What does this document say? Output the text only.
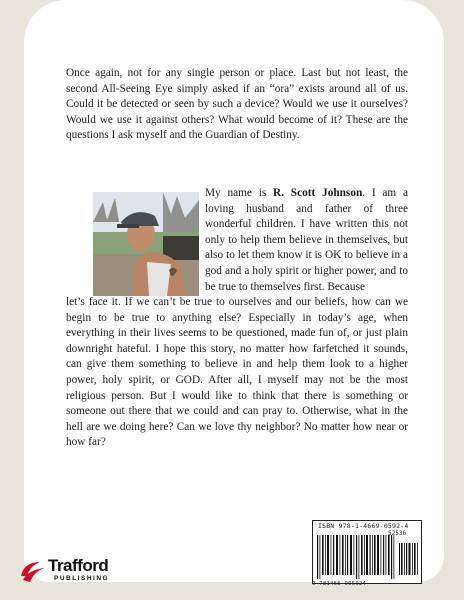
Once again, not for any single person or place. Last but not least, the second All-Seeing Eye simply asked if an “ora” exists around all of us. Could it be detected or seen by such a device? Would we use it ourselves? Would we use it against others? What would become of it? These are the questions I ask myself and the Guardian of Destiny.

My name is R. Scott Johnson. I am a loving husband and father of three wonderful children. I have written this not only to help them believe in themselves, but also to let them know it is OK to believe in a god and a holy spirit or higher power, and to be true to themselves first. Because

let’s face it. If we can’t be true to ourselves and our beliefs, how can we begin to be true to anything else? Especially in today’s age, when everything in their lives seems to be questioned, made fun of, or just plain downright hateful. I hope this story, no matter how farfetched it sounds, can give them something to believe in and help them look to a higher power, holy spirit, or GOD. After all, I myself may not be the most religious person. But I would like to think that there is something or someone out there that we could and can pray to. Otherwise, what in the hell are we doing here? Can we love thy neighbor? No matter how near or how far?

ISBN 978-1-4669-0592-4
52536
9 781466 905924
Trafford
PUBLISHING
